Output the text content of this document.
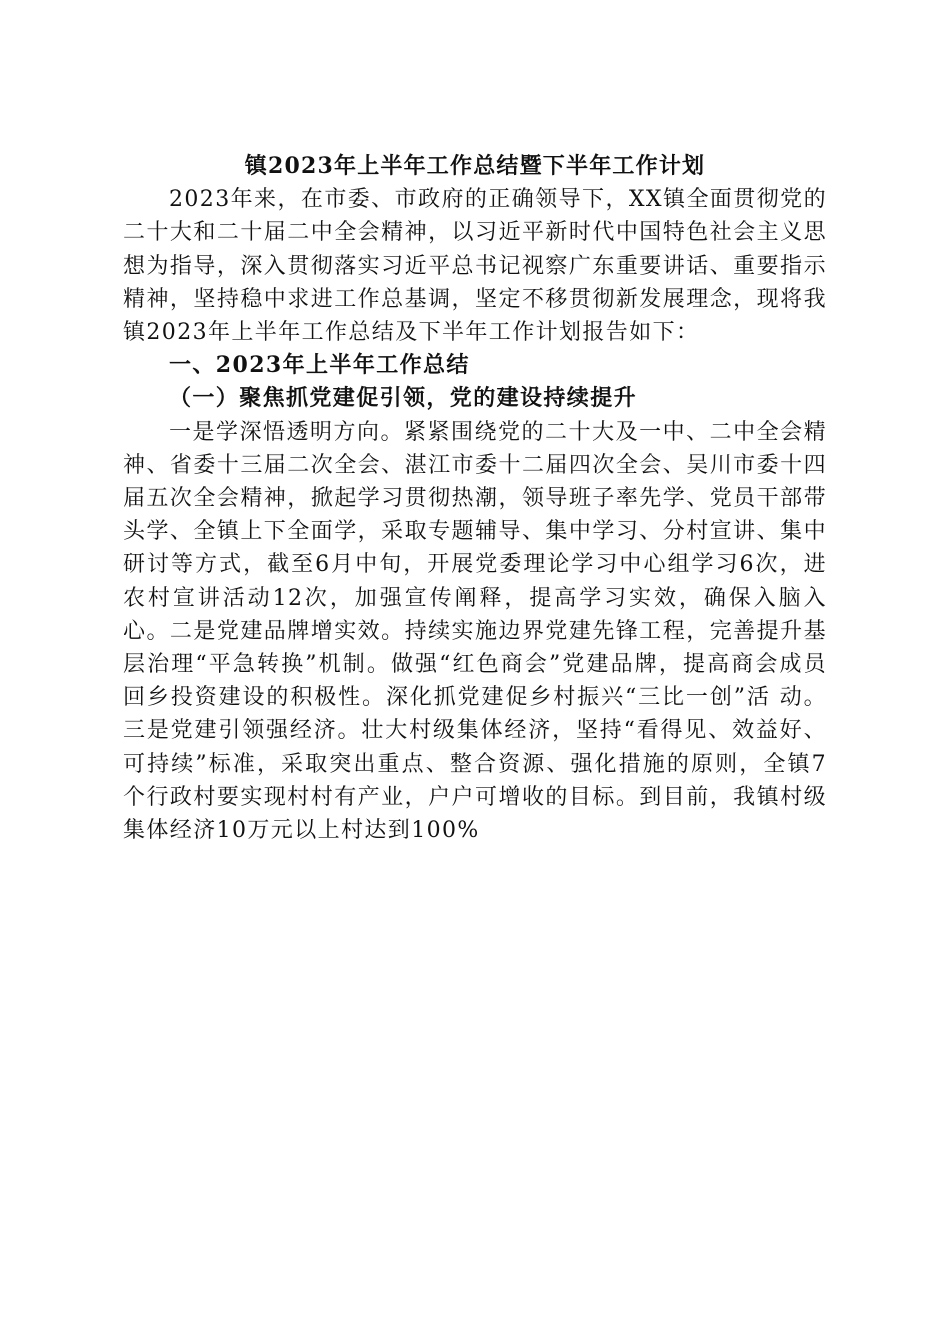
镇2023年上半年工作总结暨下半年工作计划

2023年来，在市委、市政府的正确领导下，XX镇全面贯彻党的二十大和二十届二中全会精神，以习近平新时代中国特色社会主义思想为指导，深入贯彻落实习近平总书记视察广东重要讲话、重要指示精神，坚持稳中求进工作总基调，坚定不移贯彻新发展理念，现将我镇2023年上半年工作总结及下半年工作计划报告如下：

一、2023年上半年工作总结

（一）聚焦抓党建促引领，党的建设持续提升

一是学深悟透明方向。紧紧围绕党的二十大及一中、二中全会精神、省委十三届二次全会、湛江市委十二届四次全会、吴川市委十四届五次全会精神，掀起学习贯彻热潮，领导班子率先学、党员干部带头学、全镇上下全面学，采取专题辅导、集中学习、分村宣讲、集中研讨等方式，截至6月中旬，开展党委理论学习中心组学习6次，进农村宣讲活动12次，加强宣传阐释，提高学习实效，确保入脑入心。二是党建品牌增实效。持续实施边界党建先锋工程，完善提升基层治理“平急转换”机制。做强“红色商会”党建品牌，提高商会成员回乡投资建设的积极性。深化抓党建促乡村振兴“三比一创”活 动。三是党建引领强经济。壮大村级集体经济，坚持“看得见、效益好、可持续”标准，采取突出重点、整合资源、强化措施的原则，全镇7个行政村要实现村村有产业，户户可增收的目标。到目前，我镇村级集体经济10万元以上村达到100%
